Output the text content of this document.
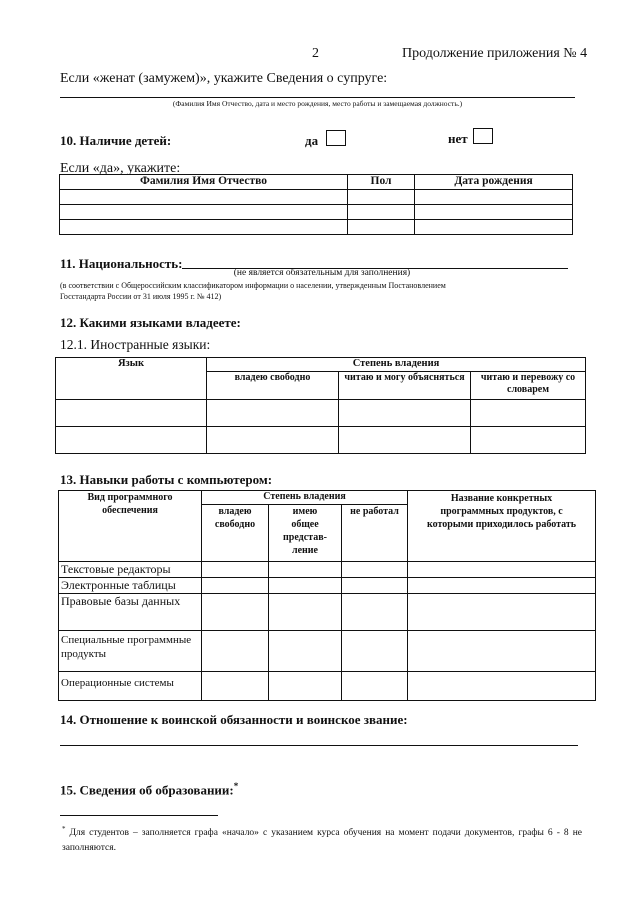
2	Продолжение приложения № 4
Если «женат (замужем)», укажите Сведения о супруге:
(Фамилия Имя Отчество, дата и место рождения, место работы и замещаемая должность.)
10. Наличие детей:	да	нет
Если «да», укажите:
Фамилия Имя Отчество	Пол	Дата рождения

11. Национальность:
(не является обязательным для заполнения)
(в соответствии с Общероссийским классификатором информации о населении, утвержденным Постановлением
Госстандарта России от 31 июля 1995 г. № 412)
12. Какими языками владеете:
12.1. Иностранные языки:
Язык	Степень владения		
	владею свободно	читаю и могу объясняться	читаю и перевожу со словарем

13. Навыки работы с компьютером:
Вид программного обеспечения	Степень владения			Название конкретных программных продуктов, с которыми приходилось работать
	владею свободно	имею общее представ-ление	не работал	
Текстовые редакторы				
Электронные таблицы				
Правовые базы данных				
Специальные программные продукты				
Операционные системы				
14. Отношение к воинской обязанности и воинское звание:
15. Сведения об образовании:*
* Для студентов – заполняется графа «начало» с указанием курса обучения на момент подачи документов, графы 6 - 8 не заполняются.
